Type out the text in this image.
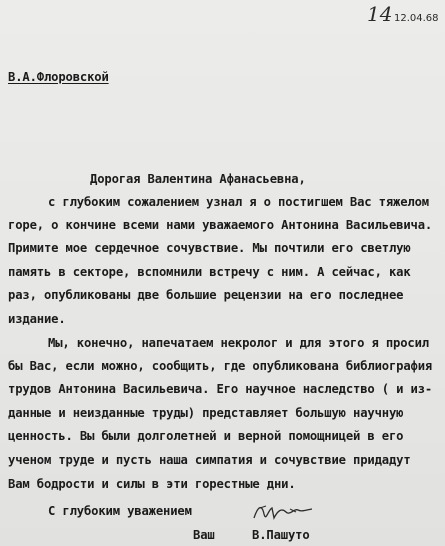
14 12.04.68
В.А.Флоровской
Дорогая Валентина Афанасьевна,
с глубоким сожалением узнал я о постигшем Вас тяжелом
горе, о кончине всеми нами уважаемого Антонина Васильевича.
Примите мое сердечное сочувствие. Мы почтили его светлую
память в секторе, вспомнили встречу с ним. А сейчас, как
раз, опубликованы две большие рецензии на его последнее
издание.
Мы, конечно, напечатаем некролог и для этого я просил
бы Вас, если можно, сообщить, где опубликована библиография
трудов Антонина Васильевича. Его научное наследство ( и из-
данные и неизданные труды) представляет большую научную
ценность. Вы были долголетней и верной помощницей в его
ученом труде и пусть наша симпатия и сочувствие придадут
Вам бодрости и силы в эти горестные дни.
С глубоким уважением
Ваш	В.Пашуто
